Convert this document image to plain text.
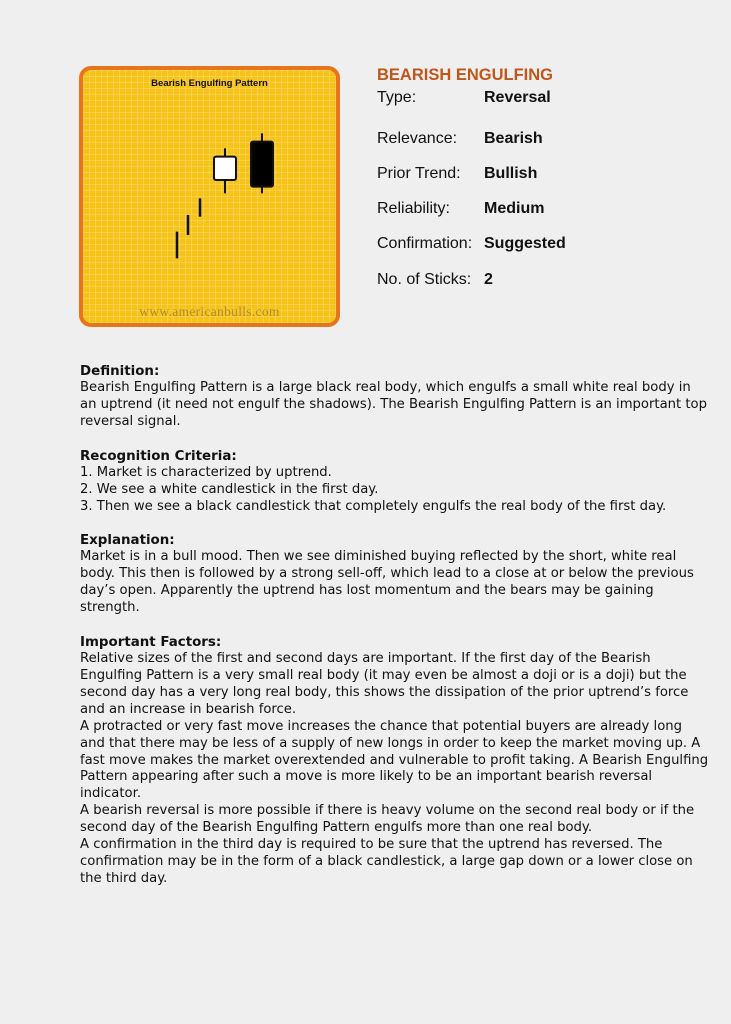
Bearish Engulfing Pattern
www.americanbulls.com
BEARISH ENGULFING
Type:	Reversal
Relevance: Bearish
Prior Trend: Bullish
Reliability: Medium
Confirmation: Suggested
No. of Sticks: 2
Definition:

Bearish Engulfing Pattern is a large black real body, which engulfs a small white real body in an uptrend (it need not engulf the shadows). The Bearish Engulfing Pattern is an important top reversal signal.

Recognition Criteria:

1. Market is characterized by uptrend.

2. We see a white candlestick in the first day.

3. Then we see a black candlestick that completely engulfs the real body of the first day.

Explanation:

Market is in a bull mood. Then we see diminished buying reflected by the short, white real body. This then is followed by a strong sell-off, which lead to a close at or below the previous day’s open. Apparently the uptrend has lost momentum and the bears may be gaining strength.

Important Factors:

Relative sizes of the first and second days are important. If the first day of the Bearish Engulfing Pattern is a very small real body (it may even be almost a doji or is a doji) but the second day has a very long real body, this shows the dissipation of the prior uptrend’s force and an increase in bearish force.

A protracted or very fast move increases the chance that potential buyers are already long and that there may be less of a supply of new longs in order to keep the market moving up. A fast move makes the market overextended and vulnerable to profit taking. A Bearish Engulfing Pattern appearing after such a move is more likely to be an important bearish reversal indicator.

A bearish reversal is more possible if there is heavy volume on the second real body or if the second day of the Bearish Engulfing Pattern engulfs more than one real body.

A confirmation in the third day is required to be sure that the uptrend has reversed. The confirmation may be in the form of a black candlestick, a large gap down or a lower close on the third day.
